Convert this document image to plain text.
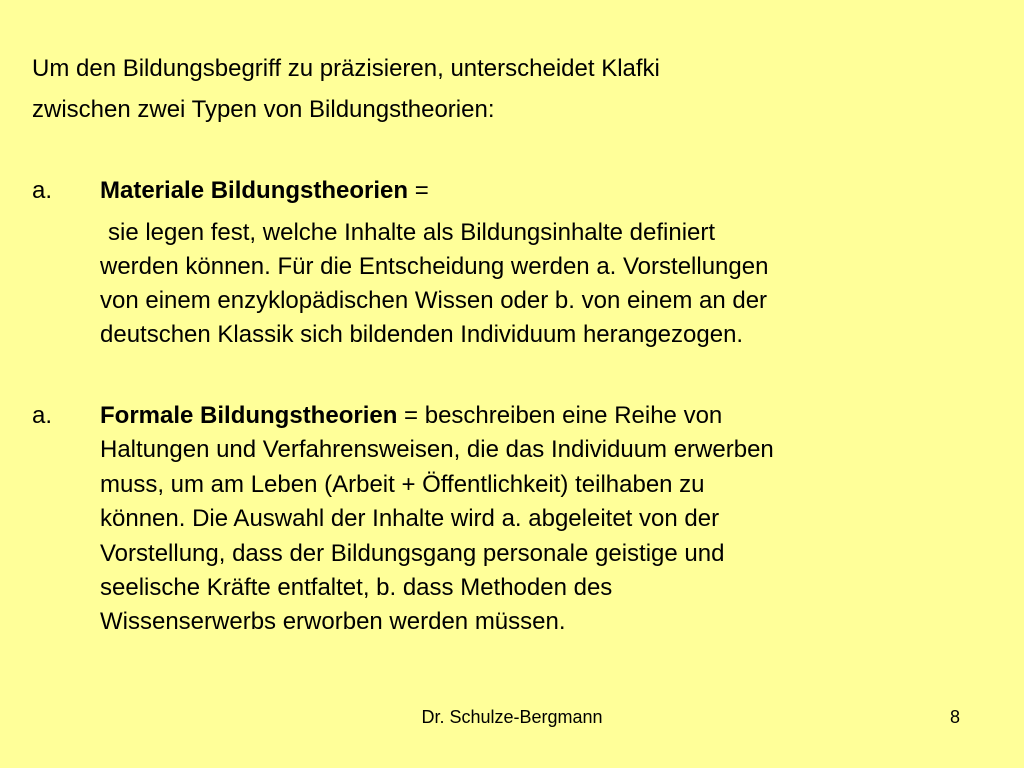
Um den Bildungsbegriff zu präzisieren, unterscheidet Klafki
zwischen zwei Typen von Bildungstheorien:
a. Materiale Bildungstheorien =
sie legen fest, welche Inhalte als Bildungsinhalte definiert
werden können. Für die Entscheidung werden a. Vorstellungen
von einem enzyklopädischen Wissen oder b. von einem an der
deutschen Klassik sich bildenden Individuum herangezogen.
a. Formale Bildungstheorien = beschreiben eine Reihe von
Haltungen und Verfahrensweisen, die das Individuum erwerben
muss, um am Leben (Arbeit + Öffentlichkeit) teilhaben zu
können. Die Auswahl der Inhalte wird a. abgeleitet von der
Vorstellung, dass der Bildungsgang personale geistige und
seelische Kräfte entfaltet, b. dass Methoden des
Wissenserwerbs erworben werden müssen.
Dr. Schulze-Bergmann	8
